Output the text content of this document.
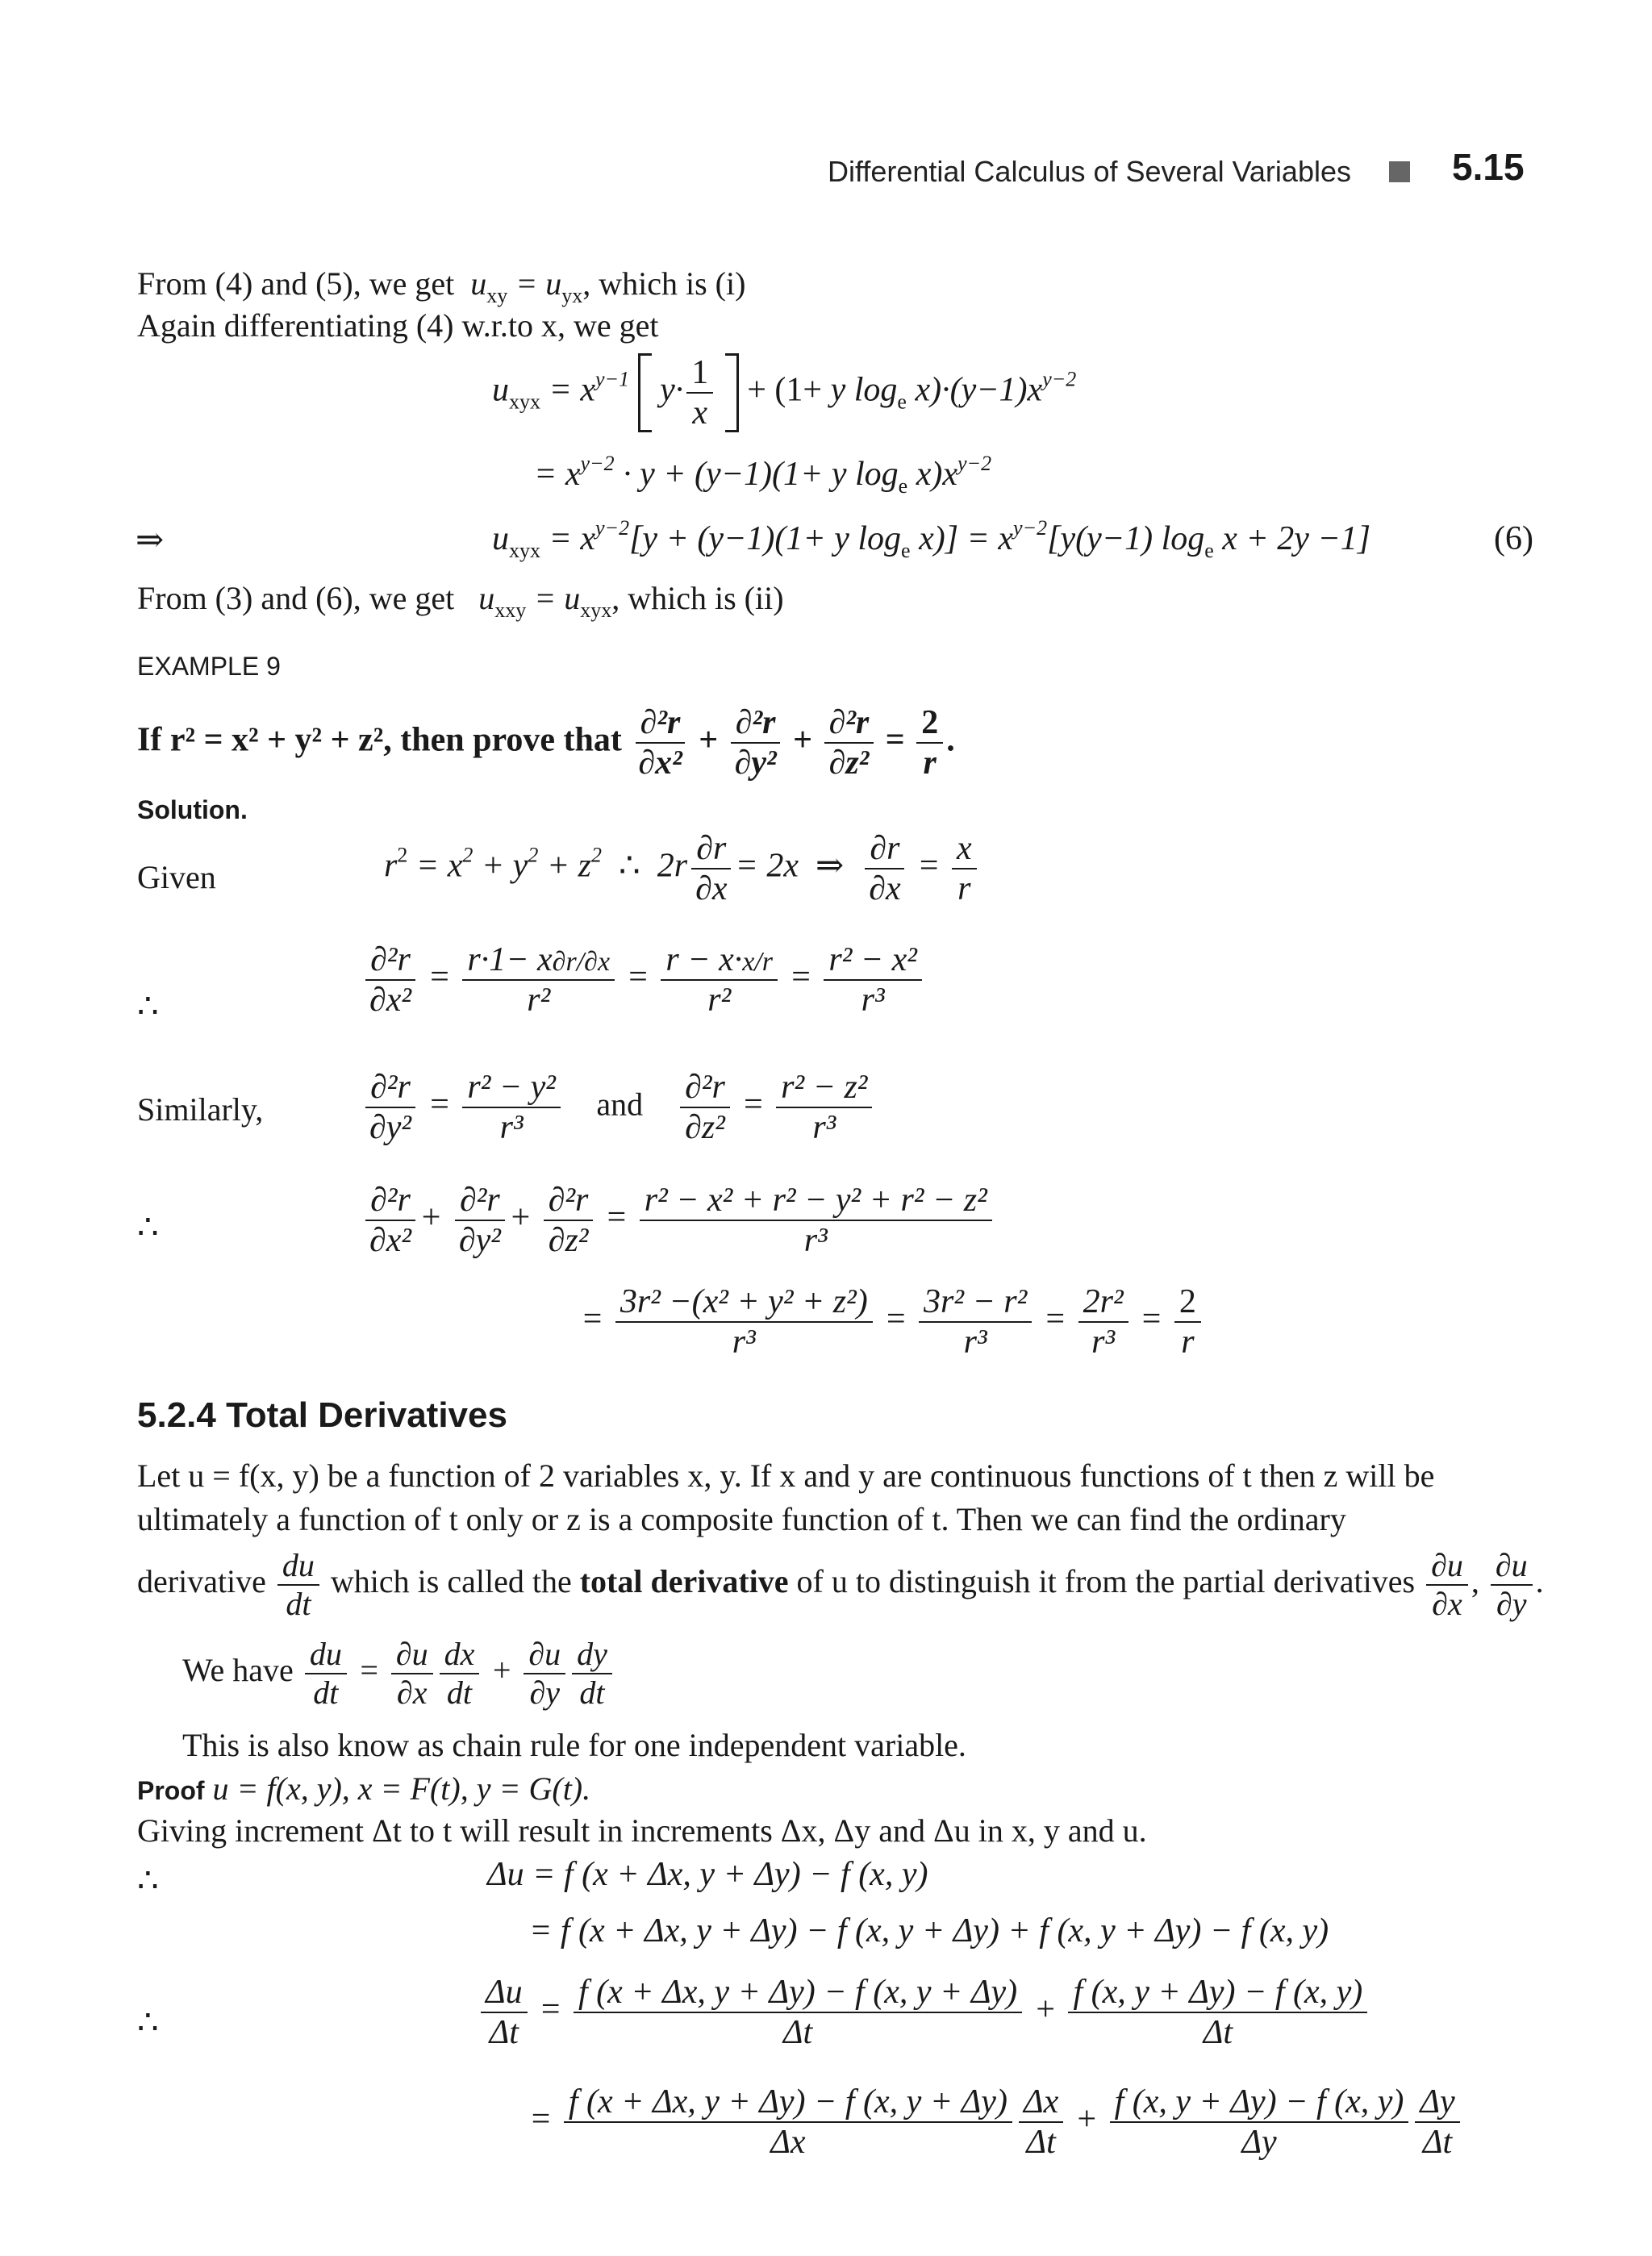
Differential Calculus of Several Variables	5.15
From (4) and (5), we get  $u_{xy} = u_{yx}$, which is (i)
Again differentiating (4) w.r.to x, we get
$u_{xyx} = x^{y-1}$  $y\cdot \frac{1}{x} + (1+ y$ $\log_e x)\cdot(y-1)x^{y-2}$
= $x^{y-2} \cdot y + (y-1)(1+ y$ $\log_e x)x^{y-2}$
⇒	$u_{xyx} = x^{y-2}[y + (y-1)(1+ y$ $\log_e x)] = x^{y-2}[y(y-1)$ $\log_e x + 2y -1$]	(6)
From (3) and (6), we get   $u_{xxy} = u_{xyx}$, which is (ii)
EXAMPLE 9
If r² = x² + y² + z², then prove that $\frac{\text{∂²r}}{\text{∂x²}} + \frac{\text{∂²r}}{\text{∂y²}} + \frac{\text{∂²r}}{\text{∂z²}} = \frac{2}{r}$ .
Solution.
Given	$r^2 = x^2 + y^2 + z^2$  ∴  $2r \frac{\partial r}{\partial x} = 2x$  ⇒ $\frac{\partial r}{\partial x} = \frac{x}{r}$
∴	$\frac{\text{∂²r}}{\text{∂x²}} = \frac{r\cdot 1- x\partial r/\partial x}{\text{r²}} = \frac{r - x\cdot x/r}{\text{r²}} = \frac{\text{r² − x²}}{\text{r³}}$
Similarly,	$\frac{\text{∂²r}}{\text{∂y²}} = \frac{\text{r² − y²}}{\text{r³}}$ and $\frac{\text{∂²r}}{\text{∂z²}} = \frac{\text{r² − z²}}{\text{r³}}$
∴	$\frac{\text{∂²r}}{\text{∂x²}} + \frac{\text{∂²r}}{\text{∂y²}} + \frac{\text{∂²r}}{\text{∂z²}} = \frac{\text{r² − x² + r² − y² + r² − z²}}{\text{r³}}$
= $\frac{\text{3r² −(x² + y² + z²)}}{\text{r³}} = \frac{\text{3r² − r²}}{\text{r³}} = \frac{\text{2r²}}{\text{r³}} = \frac{2}{r}$
5.2.4 Total Derivatives
Let u = f(x, y) be a function of 2 variables x, y. If x and y are continuous functions of t then z will be
ultimately a function of t only or z is a composite function of t. Then we can find the ordinary
derivative $\frac{du}{dt}$ which is called the total derivative of u to distinguish it from the partial derivatives $\frac{\partial u}{\partial x}$ , $\frac{\partial u}{\partial y}$ .
We have $\frac{du}{dt} = \frac{\partial u}{\partial x} \frac{dx}{dt} + \frac{\partial u}{\partial y} \frac{dy}{dt}$
This is also know as chain rule for one independent variable.
Proof u = f(x, y), x = F(t), y = G(t).
Giving increment Δt to t will result in increments Δx, Δy and Δu in x, y and u.
∴	Δu = f (x + Δx, y + Δy) − f (x, y)
= f (x + Δx, y + Δy) − f (x, y + Δy) + f (x, y + Δy) − f (x, y)
∴	$\frac{\Delta u}{\Delta t} = \frac{f (x + \Delta x, y + \Delta y) - f (x, y + \Delta y)}{\Delta t} + \frac{f (x, y + \Delta y) - f (x, y)}{\Delta t}$
= $\frac{f (x + \Delta x, y + \Delta y) - f (x, y + \Delta y)}{\Delta x} \frac{\Delta x}{\Delta t} + \frac{f (x, y + \Delta y) - f (x, y)}{\Delta y} \frac{\Delta y}{\Delta t}$
